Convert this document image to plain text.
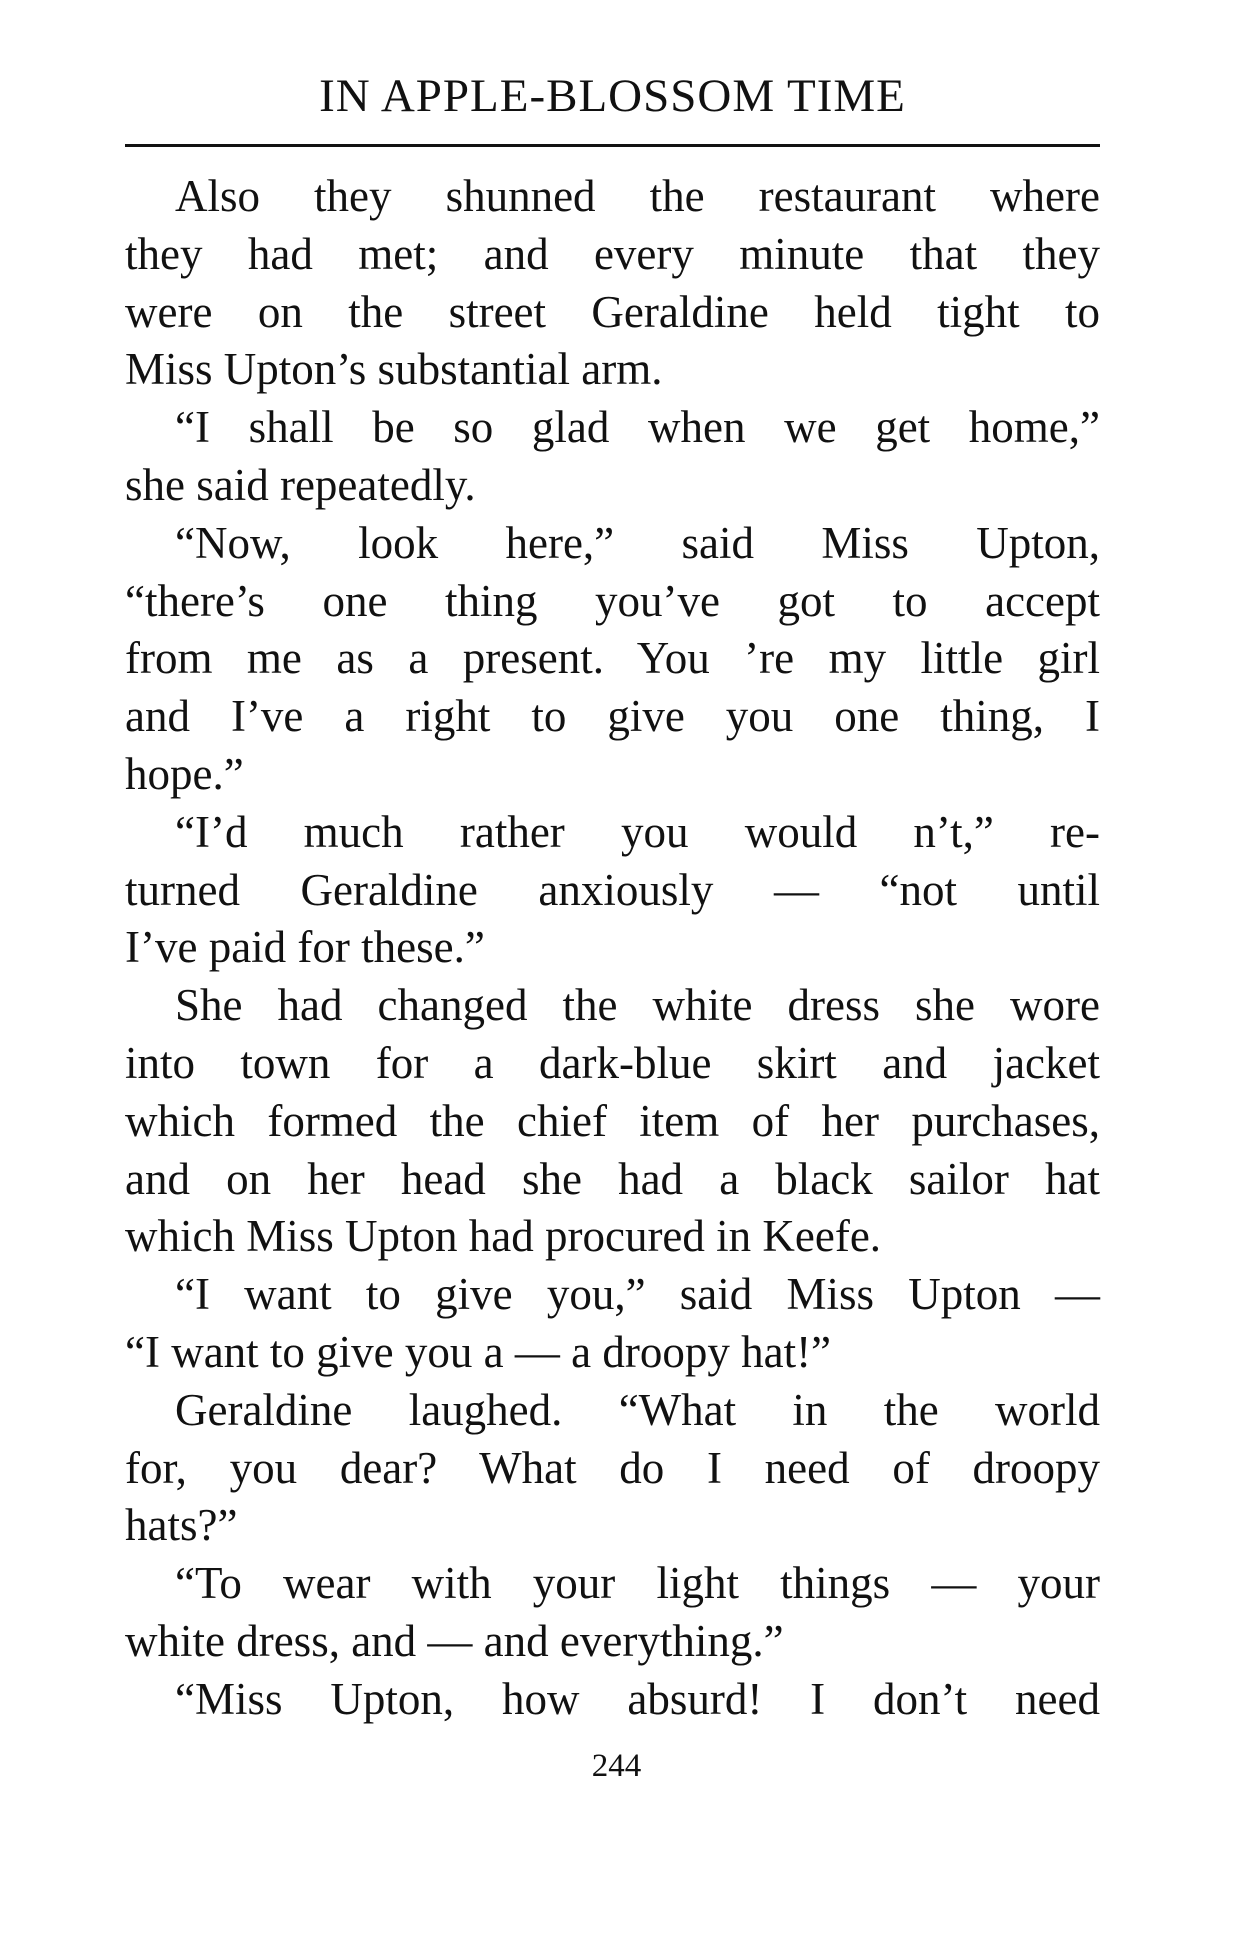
IN APPLE-BLOSSOM TIME

Also they shunned the restaurant where
they had met; and every minute that they
were on the street Geraldine held tight to
Miss Upton’s substantial arm.

“I shall be so glad when we get home,”
she said repeatedly.

“Now, look here,” said Miss Upton,
“there’s one thing you’ve got to accept
from me as a present. You ’re my little girl
and I’ve a right to give you one thing, I
hope.”

“I’d much rather you would n’t,” re-
turned Geraldine anxiously — “not until
I’ve paid for these.”

She had changed the white dress she wore
into town for a dark-blue skirt and jacket
which formed the chief item of her purchases,
and on her head she had a black sailor hat
which Miss Upton had procured in Keefe.

“I want to give you,” said Miss Upton —
“I want to give you a — a droopy hat!”

Geraldine laughed. “What in the world
for, you dear? What do I need of droopy
hats?”

“To wear with your light things — your
white dress, and — and everything.”

“Miss Upton, how absurd! I don’t need

244
